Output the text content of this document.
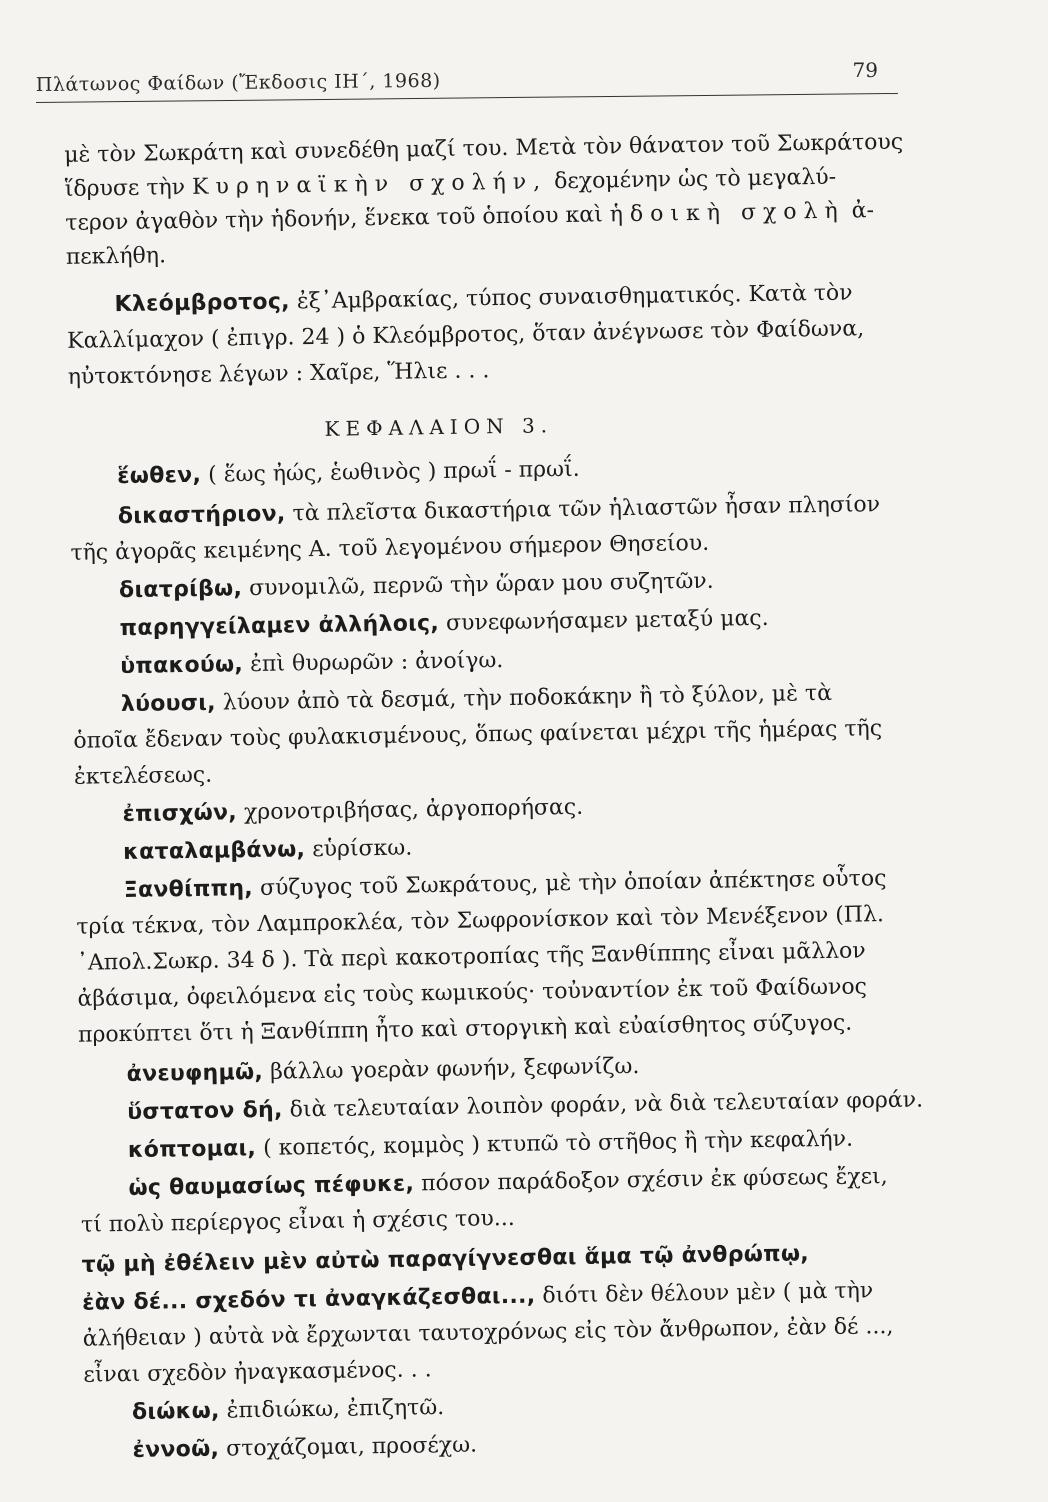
Πλάτωνος Φαίδων (Ἔκδοσις ΙΗ΄, 1968)	79
μὲ τὸν Σωκράτη καὶ συνεδέθη μαζί του. Μετὰ τὸν θάνατον τοῦ Σωκράτους
ἵδρυσε τὴν Κυρηναϊκὴν σχολήν, δεχομένην ὡς τὸ μεγαλύ-
τερον ἀγαθὸν τὴν ἡδονήν, ἕνεκα τοῦ ὁποίου καὶ ἡδοικὴ σχολὴ ἀ-
πεκλήθη.
Κλεόμβροτος, ἐξ᾿Αμβρακίας, τύπος συναισθηματικός. Κατὰ τὸν
Καλλίμαχον ( ἐπιγρ. 24 ) ὁ Κλεόμβροτος, ὅταν ἀνέγνωσε τὸν Φαίδωνα,
ηὐτοκτόνησε λέγων : Χαῖρε, Ἥλιε . . .
ΚΕΦΑΛΑΙΟΝ 3.
ἕωθεν, ( ἕως ἠώς, ἑωθινὸς ) πρωΐ - πρωΐ.
δικαστήριον, τὰ πλεῖστα δικαστήρια τῶν ἡλιαστῶν ἦσαν πλησίον
τῆς ἀγορᾶς κειμένης Α. τοῦ λεγομένου σήμερον Θησείου.
διατρίβω, συνομιλῶ, περνῶ τὴν ὥραν μου συζητῶν.
παρηγγείλαμεν ἀλλήλοις, συνεφωνήσαμεν μεταξύ μας.
ὑπακούω, ἐπὶ θυρωρῶν : ἀνοίγω.
λύουσι, λύουν ἀπὸ τὰ δεσμά, τὴν ποδοκάκην ἢ τὸ ξύλον, μὲ τὰ
ὁποῖα ἔδεναν τοὺς φυλακισμένους, ὅπως φαίνεται μέχρι τῆς ἡμέρας τῆς
ἐκτελέσεως.
ἐπισχών, χρονοτριβήσας, ἀργοπορήσας.
καταλαμβάνω, εὑρίσκω.
Ξανθίππη, σύζυγος τοῦ Σωκράτους, μὲ τὴν ὁποίαν ἀπέκτησε οὗτος
τρία τέκνα, τὸν Λαμπροκλέα, τὸν Σωφρονίσκον καὶ τὸν Μενέξενον (Πλ.
᾿Απολ.Σωκρ. 34 δ ). Τὰ περὶ κακοτροπίας τῆς Ξανθίππης εἶναι μᾶλλον
ἀβάσιμα, ὀφειλόμενα εἰς τοὺς κωμικούς· τοὐναντίον ἐκ τοῦ Φαίδωνος
προκύπτει ὅτι ἡ Ξανθίππη ἦτο καὶ στοργικὴ καὶ εὐαίσθητος σύζυγος.
ἀνευφημῶ, βάλλω γοερὰν φωνήν, ξεφωνίζω.
ὕστατον δή, διὰ τελευταίαν λοιπὸν φοράν, νὰ διὰ τελευταίαν φοράν.
κόπτομαι, ( κοπετός, κομμὸς ) κτυπῶ τὸ στῆθος ἢ τὴν κεφαλήν.
ὡς θαυμασίως πέφυκε, πόσον παράδοξον σχέσιν ἐκ φύσεως ἔχει,
τί πολὺ περίεργος εἶναι ἡ σχέσις του...
τῷ μὴ ἐθέλειν μὲν αὐτὼ παραγίγνεσθαι ἅμα τῷ ἀνθρώπῳ,
ἐὰν δέ... σχεδόν τι ἀναγκάζεσθαι..., διότι δὲν θέλουν μὲν ( μὰ τὴν
ἀλήθειαν ) αὐτὰ νὰ ἔρχωνται ταυτοχρόνως εἰς τὸν ἄνθρωπον, ἐὰν δέ ...,
εἶναι σχεδὸν ἠναγκασμένος. . .
διώκω, ἐπιδιώκω, ἐπιζητῶ.
ἐννοῶ, στοχάζομαι, προσέχω.
